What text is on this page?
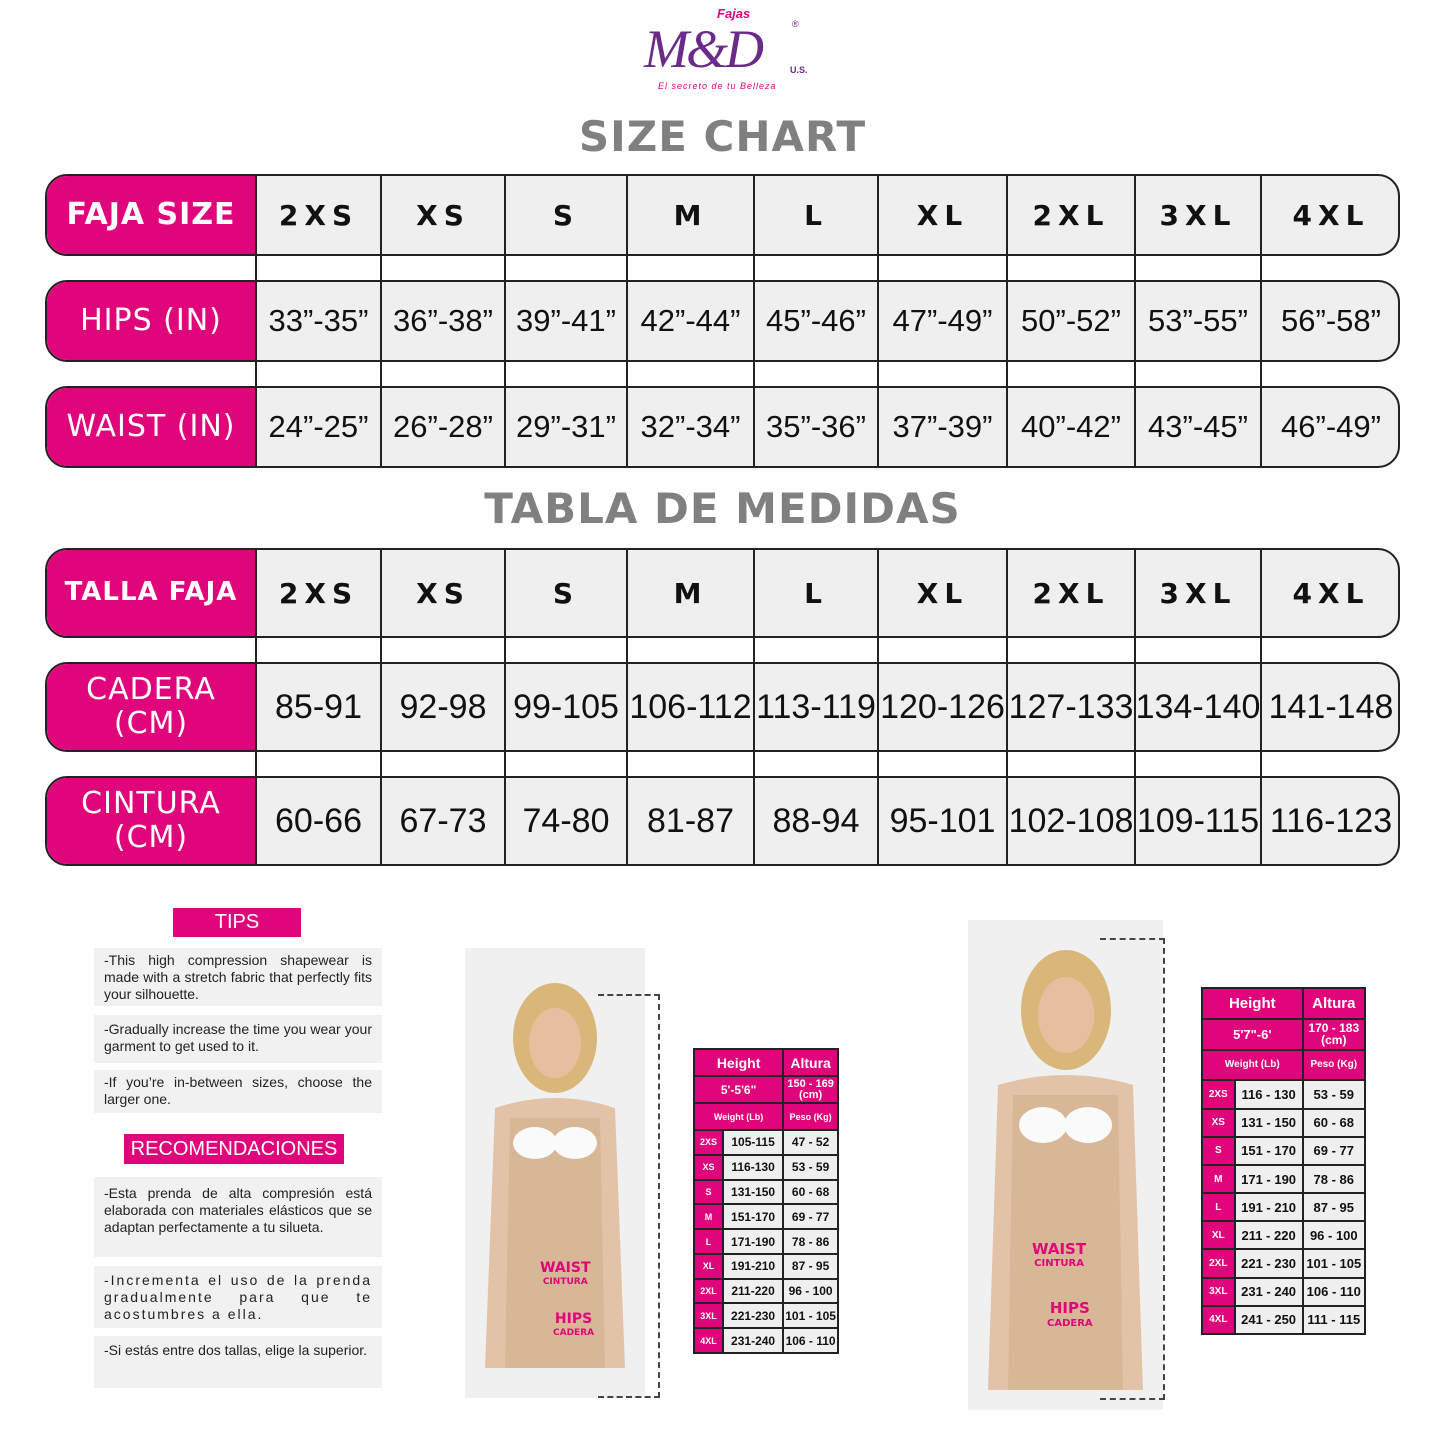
Fajas
M&D	®
U.S.
El secreto de tu Belleza
SIZE CHART
FAJA SIZE	2XS	XS	S	M	L	XL	2XL	3XL	4XL
HIPS (IN)	33”-35” 36”-38” 39”-41” 42”-44” 45”-46” 47”-49” 50”-52” 53”-55”	56”-58”
WAIST (IN)	24”-25” 26”-28” 29”-31” 32”-34” 35”-36” 37”-39” 40”-42” 43”-45”	46”-49”
TABLA DE MEDIDAS
TALLA FAJA	2XS	XS	S	M	L	XL	2XL	3XL	4XL
CADERA (CM)	85-91	92-98 99-105 106-112 113-119 120-126 127-133 134-140 141-148
CINTURA (CM)	60-66	67-73	74-80	81-87	88-94 95-101 102-108 109-115 116-123
TIPS
-This high compression shapewear is made with a stretch fabric that perfectly fits your silhouette.
-Gradually increase the time you wear your garment to get used to it.
-If you’re in-between sizes, choose the larger one.
RECOMENDACIONES
-Esta prenda de alta compresión está elaborada con materiales elásticos que se adaptan perfectamente a tu silueta.
-Incrementa el uso de la prenda gradualmente para que te acostumbres a ella.
-Si estás entre dos tallas, elige la superior.
WAIST
CINTURA
HIPS
CADERA
WAIST
CINTURA
HIPS
CADERA
Height	Altura
5'-5'6"	150 - 169 (cm)
Weight (Lb)	Peso (Kg)
2XS	105-115	47 - 52
XS	116-130	53 - 59
S	131-150	60 - 68
M	151-170	69 - 77
L	171-190	78 - 86
XL	191-210	87 - 95
2XL	211-220	96 - 100
3XL	221-230 101 - 105
4XL	231-240 106 - 110
Height	Altura
5'7"-6'	170 - 183 (cm)
Weight (Lb)	Peso (Kg)
2XS	116 - 130	53 - 59
XS	131 - 150	60 - 68
S	151 - 170	69 - 77
M	171 - 190	78 - 86
L	191 - 210	87 - 95
XL	211 - 220	96 - 100
2XL	221 - 230 101 - 105
3XL	231 - 240 106 - 110
4XL	241 - 250 111 - 115
